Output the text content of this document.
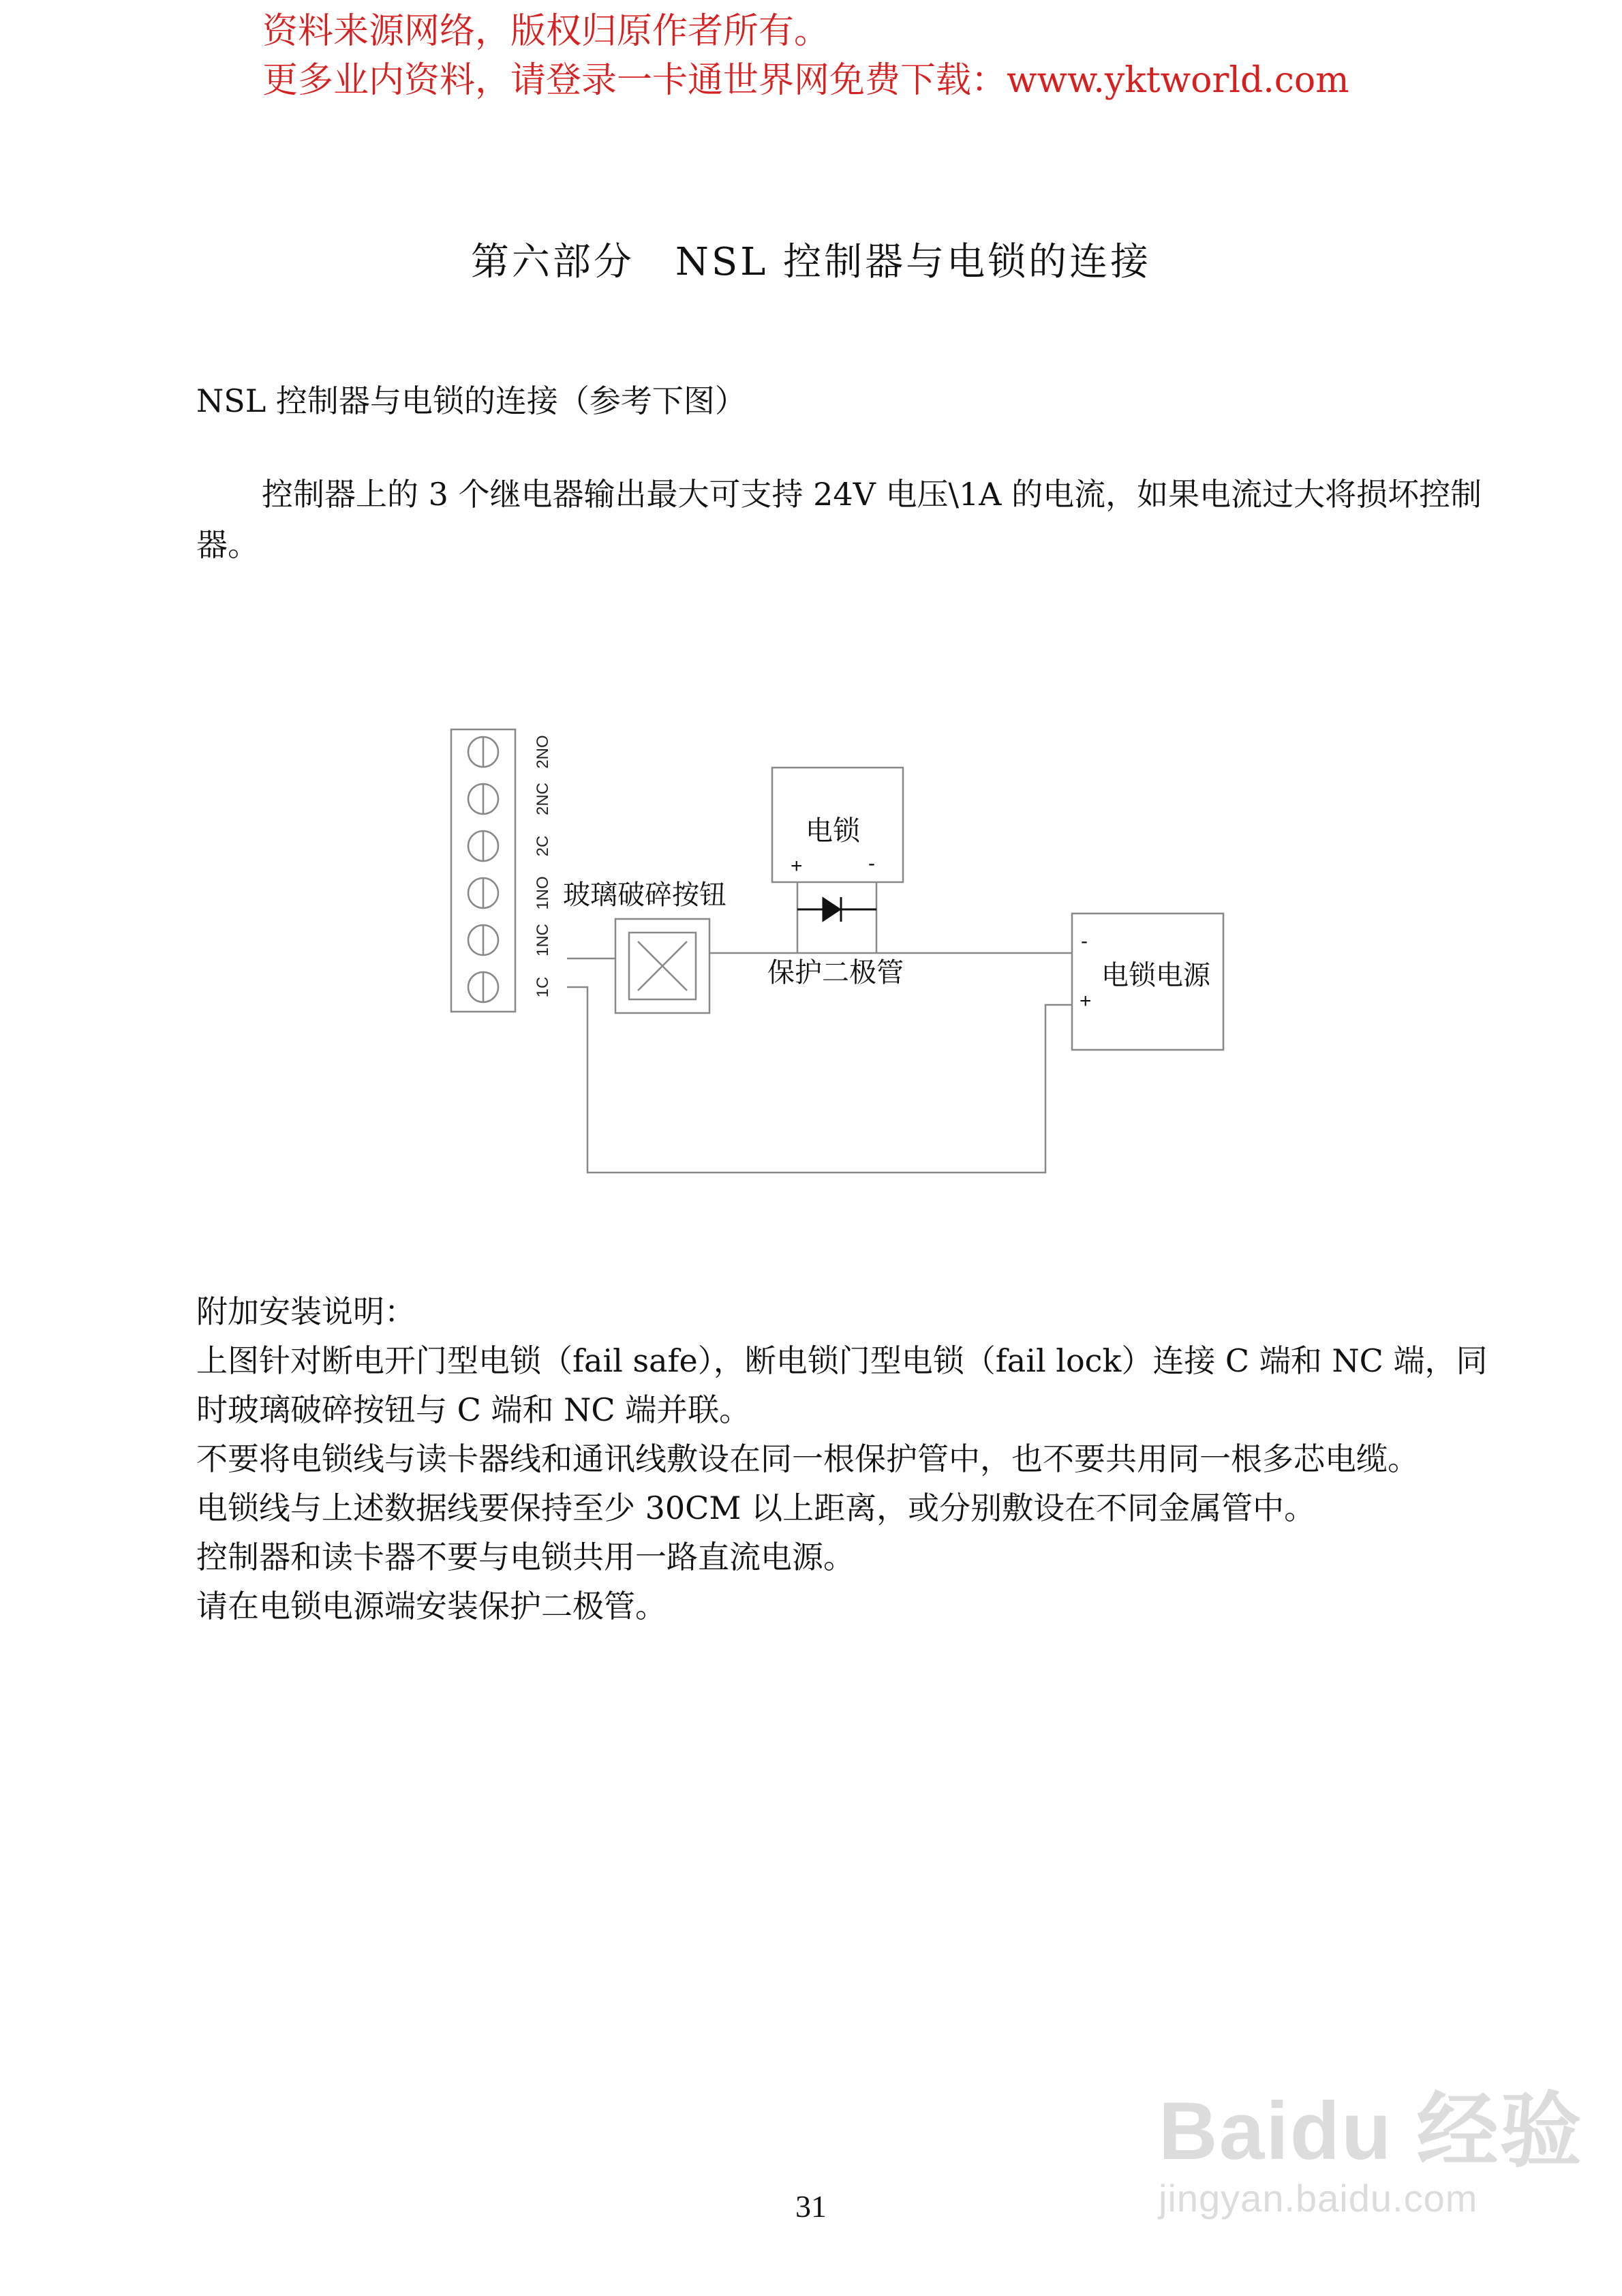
资料来源网络，版权归原作者所有。
更多业内资料，请登录一卡通世界网免费下载：www.yktworld.com
第六部分　NSL 控制器与电锁的连接
NSL 控制器与电锁的连接（参考下图）
控制器上的 3 个继电器输出最大可支持 24V 电压\1A 的电流，如果电流过大将损坏控制器。
2NO
2NC
2C
1NO
1NC
1C
电锁
玻璃破碎按钮
保护二极管	电锁电源
+	-
-
+

附加安装说明：

上图针对断电开门型电锁（fail safe），断电锁门型电锁（fail lock）连接 C 端和 NC 端，同时玻璃破碎按钮与 C 端和 NC 端并联。

不要将电锁线与读卡器线和通讯线敷设在同一根保护管中，也不要共用同一根多芯电缆。

电锁线与上述数据线要保持至少 30CM 以上距离，或分别敷设在不同金属管中。

控制器和读卡器不要与电锁共用一路直流电源。

请在电锁电源端安装保护二极管。

31
Baidu 经验
jingyan.baidu.com
